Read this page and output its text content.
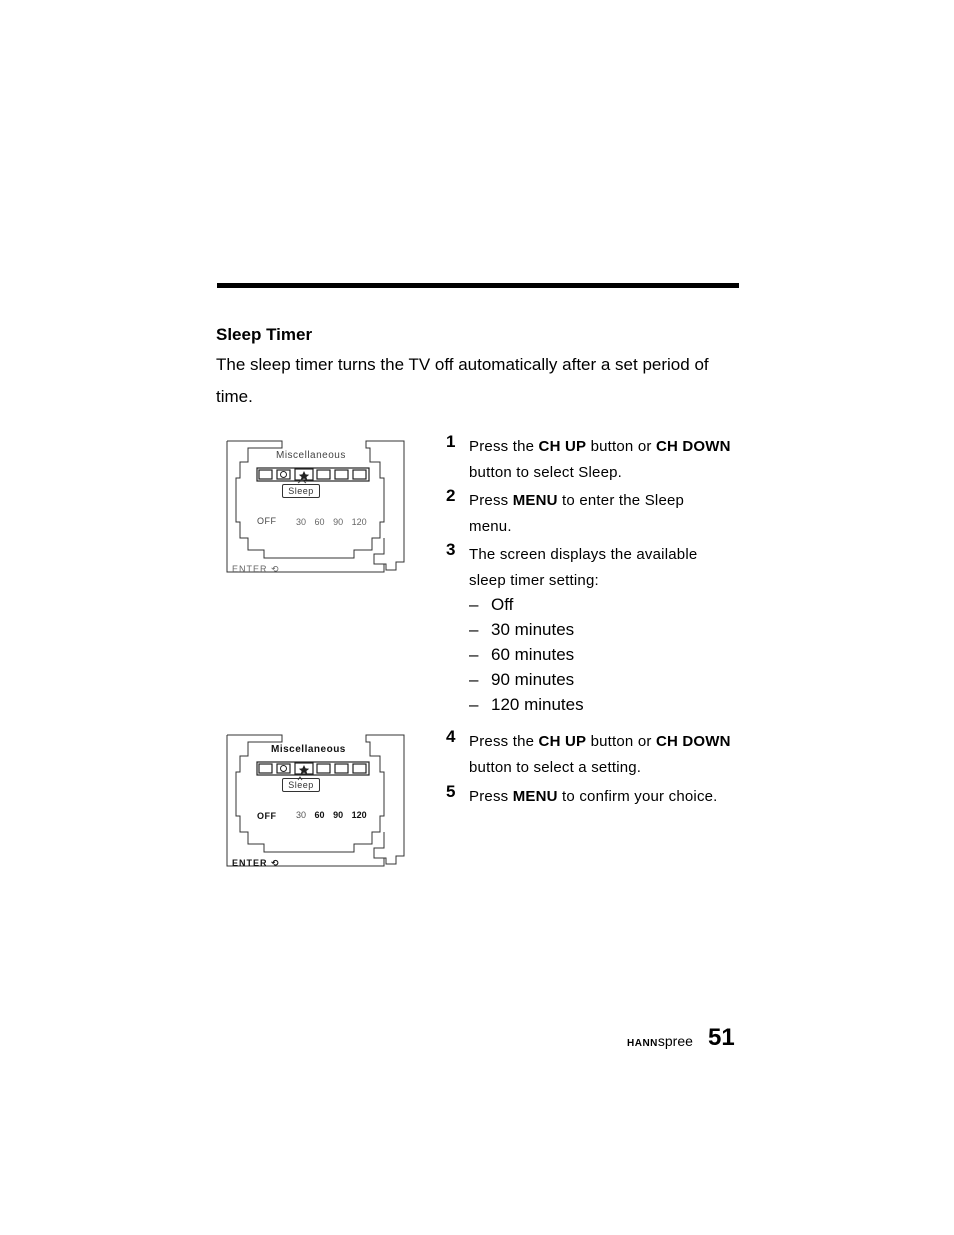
Sleep Timer
The sleep timer turns the TV off automatically after a set period of time.
Miscellaneous
Sleep
OFF 30 60 90 120
ENTER ⟲
Miscellaneous
Sleep
OFF 30 60 90 120
ENTER ⟲
1 Press the CH UP button or CH DOWN button to select Sleep.
2 Press MENU to enter the Sleep menu.
3 The screen displays the available sleep timer setting:
4 Press the CH UP button or CH DOWN button to select a setting.
5 Press MENU to confirm your choice.
– Off
– 30 minutes
– 60 minutes
– 90 minutes
– 120 minutes
HANNspree 51
